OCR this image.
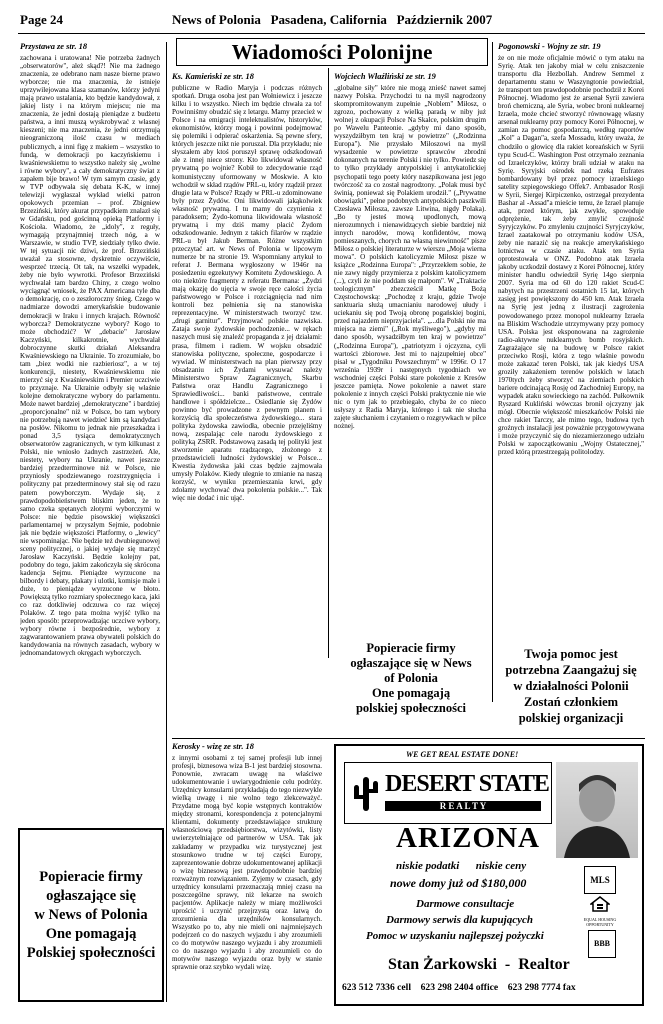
Page 24	News of Polonia   Pasadena, California   Październik 2007
Wiadomości Polonijne
Przystawa ze str. 18

zachowana i uratowana! Nie potrzeba żadnych „obserwatorów", ależ skąd?! Nie ma żadnego znaczenia, ze odebrano nam nasze bierne prawo wyborcze; nie ma znaczenia, że istnieje uprzywilejowana klasa szamanów, którzy jedyni mają prawo ustalania, kto będzie kandydował, z jakiej listy i na którym miejscu; nie ma znaczenia, że jedni dostają pieniądze z budżetu państwa, a inni muszą wyskrobywać z własnej kieszeni; nie ma znaczenia, że jedni otrzymują nieograniczoną ilość czasu w mediach publicznych, a inni figę z makiem – wszystko to fundą, w demokracji po kaczyńskiemu i kwaśniewskiemu to wszystko należy się „wolne i równe wybory", a cały demokratyczny świat z zapałem bije brawo! W tym samym czasie, gdy w TVP odbywała się debata K-K, w innej telewizji wygłaszał wykład wielki patron opokowych przemian – prof. Zbigniew Brzeziński, który akurat przypadkiem znalazł się w Gdańsku, pod gościnną opieką Platformy i Kościoła. Wiadomo, że „idoly", z reguły, wymagają przynajmniej trzech nóg, a w Warszawie, w studio TVP, siedziały tylko dwie. W tej sytuacji nic dziwi, że prof. Brzeziński uważał za stosowne, dyskretnie oczywiście, wesprzeć trzecią. Ot tak, na wszelki wypadek, żeby nie było wywrotki. Profesor Brzeziński wychwalał tam bardzo Chiny, z czego wolno wyciągnąć wniosek, że PAX Americana tyle dba o demokrację, co o zeszłoroczny śnieg. Czego w nadmiarze dowodzi amerykańskie budowanie demokracji w Iraku i innych krajach. Równość wyborcza? Demokratyczne wybory? Kogo to może obchodzić? W „debacie" Jarosław Kaczyński, kilkakrotnie, wychwalał dobroczynne skutki działań Aleksandra Kwaśniewskiego na Ukrainie. To zrozumiałe, bo tam „biez wodki nie razbieriosz", a w tej konkurencji, niestety, Kwaśniewskiemu nie mierzyć się z Kwaśniewskim i Premier uczciwie to przyznaje. Na Ukrainie odbyły się właśnie kolejne demokratyczne wybory do parlamentu. Może nawet bardziej „demokratyczne" i bardziej „proporcjonalne" niż w Polsce, bo tam wybory nie potrzebują nawet wiedzieć kim są kandydaci na posłów. Nikomu to jednak nie przeszkadza i ponad 3,5 tysiąca demokratycznych obserwatorów zagranicznych, w tym kilkunast z Polski, nie wniosło żadnych zastrzeżeń. Ale, niestety, wybory na Ukranie, nawet jeszcze bardziej przedterminowe niż w Polsce, nie przyniosły spodziewanego rozstrzygnięcia i polityczny pat przedterminowy stał się od razu patem powyborczym. Wydaje się, z prawdopodobieństwem bliskim jeden, że to samo czeka spętanych złotymi wyborczymi w Polsce: nie będzie pisowskiej większości parlamentarnej w przyszłym Sejmie, podobnie jak nie będzie większości Platformy, o „lewicy" nie wspominając. Nie będzie też dwubiegunowej sceny politycznej, o jakiej wydaje się marzyć Jarosław Kaczyński. Będzie kolejny pat, podobny do tego, jakim zakończyła się skrócona kadencja Sejmu. Pieniądze wyrzucone na bilbordy i debaty, plakaty i ulotki, komisje male i duże, to pieniądze wyrzucone w błoto. Powiększą tylko rozmiary społecznego kaca, jaki co raz dotkliwiej odczuwa co raz więcej Polaków. Z tego pata można wyjść tylko na jeden sposób: przeprowadzając uczciwe wybory, wybory równe i bezpośrednie, wybory z zagwarantowaniem prawa obywateli polskich do kandydowania na równych zasadach, wybory w jednomandatowych okręgach wyborczych.

Ks. Kamieński ze str. 18

publiczne w Radio Maryja i podczas różnych spotkań. Druga osoba jest pan Wołniewicz i jeszcze kilku i to wszystko. Niech im będzie chwała za to! Powinniśmy obudzić się z letargu. Mamy przecież w Polsce i na emigracji intelektualistów, historyków, ekonomistów, którzy mogą i powinni podejmować się polemiki i odpierać oskarżenia. Są pewne sfery, których jeszcze nikt nie poruszał. Dla przykładu; nie słyszałem aby ktoś poruszył sprawę odszkodowań ale z innej niece strony. Kto likwidował własność prywatną po wojnie? Kobił to zdecydowanie rząd komunistyczny uformowany w Moskwie. A kto wchodził w skład rządów PRL-u, który rządził przez długie lata w Polsce? Rządy w PRL-u zdominowane były przez Żydów. Oni likwidowali jakąkolwiek własność prywatną. I tu mamy do czynienia z paradoksem; Żydo-komuna likwidowała własność prywatną i my dziś mamy płacić Żydom odszkodowanie. Jednym z takich filarów w rządzie PRL-u był Jakub Berman. Różne wszystkim przeczytać art. w News of Polonia w lipcowym numerze br na stronie 19. Wspomniany artykuł to referat J. Bermana wygłoszony w 1946r na posiedzeniu egzekutywy Komitetu Żydowskiego. A oto niektóre fragmenty z referatu Bermana: „Żydzi mają okazję do ujęcia w swoje ręce całości życia państwowego w Polsce i rozciągnięcia nad nim kontroli bez pełnienia się na stanowiska reprezentacyjne. W ministerstwach tworzyć tzw. „drugi garnitur". Przyjmować polskie nazwiska. Zataja swoje żydowskie pochodzenie... w rękach naszych musi się znaleźć propaganda z jej działami: prasa, filmem i radiem. W wojsku obsadzić stanowiska polityczne, społeczne, gospodarcze i wywiad. W ministerstwach na plan pierwszy przy obsadzaniu ich Żydami wysuwać należy Ministerstwo Spraw Zagranicznych, Skarbu Państwa oraz Handlu Zagranicznego i Sprawiedliwości... banki państwowe, centrale handlowe i spółdzielcze... Osiedlanie się Żydów powinno być prowadzone z pewnym planem i korzyścią dla społeczeństwa żydowskiego... stara polityka żydowska zawiodła, obecnie przejęliśmy nową, zespalając cele narodu żydowskiego z polityką ZSRR. Podstawową zasadą tej polityki jest stworzenie aparatu rządzącego, złożonego z przedstawicieli ludności żydowskiej w Polsce... Kwestia żydowska jaki czas będzie zajmowała umysły Polaków. Kiedy ulegnie to zmianie na naszą korzyść, w wyniku przemieszania krwi, gdy zdołamy wychować dwa pokolenia polskie...". Tak więc nie dodać i nic ująć.

Wojciech Właźliński ze str. 19

„globalne siły" które nie mogą znieść nawet samej nazwy Polska. Przychodzi tu na myśl nagrodzony skompromitowanym zupełnie „Noblem" Miłosz, o zgrozo, pochowany z wielką paradą w niby już wolnej z okupacji Polsce Na Skałce, polskim drugim po Wawelu Panteonie. „gdyby mi dano sposób, wyszydziłbym ten kraj w powietrze" („Rodzinna Europa"). Nie przysłało Miłoszowi na myśl wysadzenie w powietrze sprawców zbrodni dokonanych na terenie Polski i nie tylko. Powiedz się to tylko przykłady antypolskiej i antykatolickiej psychopatii tego poety który naszpikowana jest jego twórczość za co został nagrodzony. „Polak musi być świnią, ponieważ się Polakiem urodził." („Prywatne obowiązki", pełne podobnych antypolskich paszkwili Czesława Miłosza, zawsze Litwina, nigdy Polaka). „Bo ty jesteś mową upodlonych, mową nierozumnych i nienawidzących siebie bardziej niż innych narodów, mową konfidentów, mową pomieszanych, chorych na własną niewinność" pisze Miłosz o polskiej literaturze w wierszu „Moja wierna mowa". O polskich katolicyzmie Miłosz pisze w książce „Rodzinna Europa": „Przyrzekłem sobie, że nie zawy nigdy przymierza z polskim katolicyzmem (...), czyli że nie poddam się małpom". W „Traktacie teologicznym" zbezcześcił Matkę Bożą Częstochowską: „Pochodzę z kraju, gdzie Twoje sanktuaria służą umacnianiu narodowej ułudy i uciekaniu się pod Twoją obronę pogańskiej bogini, przed najazdem nieprzyjaciela". „...dla Polski nie ma miejsca na ziemi" („Rok myśliwego"), „gdyby mi dano sposób, wysadziłbym ten kraj w powietrze" („Rodzinna Europa"), „patriotyzm i ojczyzna, cyli wartości zbiorowe. Jest mi to najzupełniej obce" pisał w „Tygodniku Powszechnym" w 1996r. O 17 września 1939r i następnych tygodniach we wschodniej części Polski stare pokolenie z Kresów jeszcze pamięta. Nowe pokolenie a nawet stare pokolenie z innych części Polski praktycznie nie wie nic o tym jak to przebiegało, chyba że co nieco usłyszy z Radia Maryja, którego i tak nie słucha zajęte słuchaniem i czytaniem o rozgrywkach w piłce nożnej.

Pogonowski - Wojny ze str. 19

że on nie może oficjalnie mówić o tym ataku na Syrię. Atak ten jakoby miał w celu zniszczenie transportu dla Hezbollah. Andrew Semmel z departamentu stanu w Waszyngtonie powiedział, że transport ten prawdopodobnie pochodził z Korei Północnej. Wiadomo jest że arsenał Syrii zawiera broń chemiczną, ale Syria, wobec broni nuklearnej Izraela, może chcieć stworzyć równowagę własny arsenał nuklearny przy pomocy Korei Północnej, w zamian za pomoc gospodarczą, według raportów „Kol" a Dagan"a, szefa Mossadu, który uważa, że chodziło o głowicę dla rakiet koreańskich w Syrii typu Scud-C. Washington Post otrzymało zeznania od Izraelczyków, którzy brali udział w ataku na Syrię. Syryjski ośrodek nad rzeką Eufrates bombardowany był przez pomocy izraelskiego satelity szpiegowskiego Offek7. Ambasador Rosji w Syrii, Siergej Kirpiczenko, ostrzegał prezydenta Bashar al -Assad"a mieście temu, że Izrael planuje atak, przed którym, jak zwykle, spowoduje odprężenie, tak żeby zmylić czujność Syryjczyków. Po zmyleniu czujności Syryjczyków, Izrael zaatakował po otrzymaniu kodów USA, żeby nie narazić się na reakcje amerykańskiego lotnictwa w czasie ataku. Atak ten Syria oprotestowała w ONZ. Podobno atak Izraela jakoby uczkodził dostawy z Korei Północnej, który minister handlu odwiedził Syrię 14go sierpnia 2007. Syria ma od 60 do 120 rakiet Scud-C nabytych na przestrzeni ostatnich 15 lat, których zasięg jest powiększony do 450 km. Atak Izraela na Syrię jest jedną z ilustracji zagrożenia powodowanego przez monopol nuklearny Izraela na Bliskim Wschodzie utrzymywany przy pomocy USA. Polska jest eksponowana na zagrożenie radio-aktywne nuklearnych bomb rosyjskich. Zagrażające się na budowę w Polsce rakiet przeciwko Rosji, która z tego właśnie powodu może zakazać teren Polski, tak jak kiedyś USA groziły zakażeniem terenów polskich w latach 1970tych żeby stworzyć na ziemiach polskich bariere odcinającą Rosję od Zachodniej Europy, na wypadek ataku sowieckiego na zachód. Pułkownik Ryszard Kukliński wówczas bronił ojczyzny jak mógł. Obecnie większość mieszkańców Polski nie chce rakiet Tarczy, ale mimo tego, budowa tych groźnych instalacji jest poważnie przygotowywana i może przyczynić się do niezamierzonego udziału Polski w zapoczątkowaniu „Wojny Ostatecznej," przed którą przestrzegają politolodzy.

Popieracie firmy
ogłaszające się w News
of Polonia
One pomagają
polskiej społeczności
Twoja pomoc jest
potrzebna Zaangażuj się
w działalności Polonii
Zostań członkiem
polskiej organizacji
Kerosky - wizę ze str. 18

z innymi osobami z tej samej profesji lub innej profesji, biznesowa wiza B-1 jest bardziej stosowna. Ponownie, zwracam uwagę na właściwe udokumentowanie i uwiarygodnienie celu podróży. Urzędnicy konsularni przykładają do tego niezwykle wielką uwagę i nie wolno tego zlekceważyć. Przydatne mogą być kopie wstępnych kontraktów między stronami, korespondencja z potencjalnymi klientami, dokumenty przedstawiające strukturę własnościową przedsiębiorstwa, wizytówki, listy uwierzytelniające od partnerów w USA. Tak jak zakładamy w przypadku wiz turystycznej jest stosunkowo trudne w tej części Europy, zaprezentowanie dobrze udokumentowanej aplikacji o wizę biznesową jest prawdopodobnie bardziej rozważnym rozwiązaniem. Zyjemy w czasach, gdy urzędnicy konsularni przeznaczają mniej czasu na poszczególne sprawy, niż lekarze na swoich pacjentów. Aplikacje należy w miarę możliwości uprościć i uczynić przejrzystą oraz łatwą do zrozumienia dla urzędników konsularnych. Wszystko po to, aby nie mieli oni najmniejszych podejrzeń co do naszych wyjazdu i aby zrozumieli co do motywów naszego wyjazdu i aby zrozumieli co do naszego wyjazdu i aby zrozumieli co do motywów naszego wyjazdu oraz były w stanie sprawnie oraz szybko wydali wizę.

Popieracie firmy
ogłaszające się
w News of Polonia
One pomagają
Polskiej społeczności
WE GET REAL ESTATE DONE!
DESERT STATE
R E A L T Y
ARIZONA
niskie podatki      niskie ceny
nowe domy już od $180,000
Darmowe consultacje
Darmowy serwis dla kupujących
Pomoc w uzyskaniu najlepszej pożyczki
MLS
EQUAL HOUSING OPPORTUNITY
BBB
Stan Żarkowski  -  Realtor
623 512 7336 cell    623 298 2404 office    623 298 7774 fax
